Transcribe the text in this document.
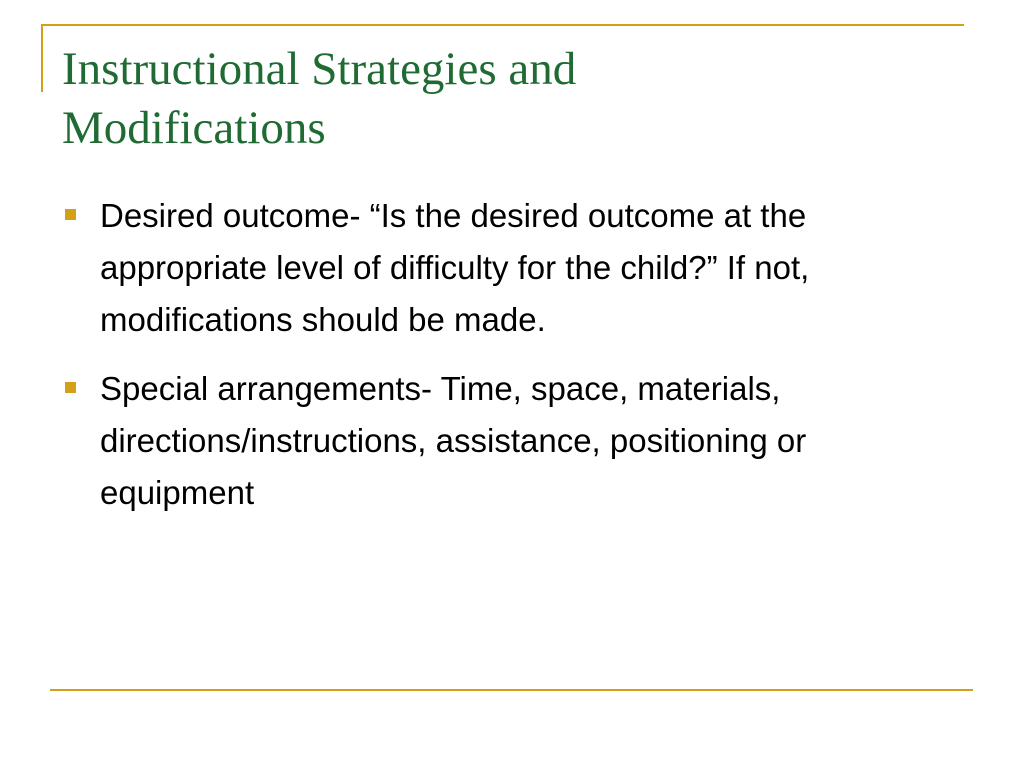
Instructional Strategies and
Modifications
Desired outcome- “Is the desired outcome at the appropriate level of difficulty for the child?” If not, modifications should be made.
Special arrangements- Time, space, materials, directions/instructions, assistance, positioning or equipment
